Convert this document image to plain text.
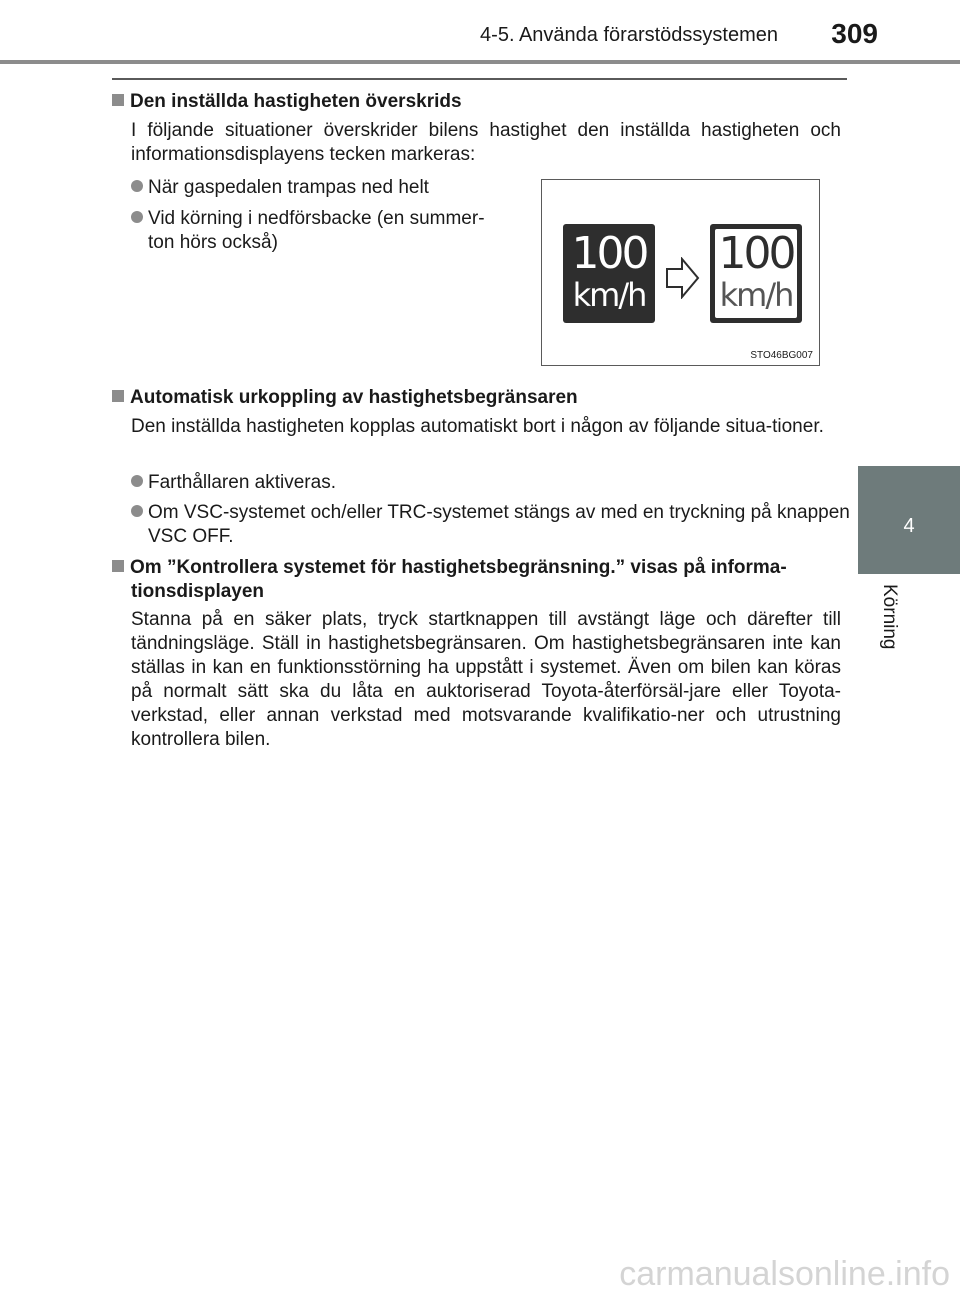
4-5. Använda förarstödssystemen 309
4
Körning
Den inställda hastigheten överskrids
I följande situationer överskrider bilens hastighet den inställda hastigheten och informationsdisplayens tecken markeras:
När gaspedalen trampas ned helt
Vid körning i nedförsbacke (en summer-
ton hörs också)	100
km/h
100
km/h
STO46BG007
Automatisk urkoppling av hastighetsbegränsaren
Den inställda hastigheten kopplas automatiskt bort i någon av följande situa-tioner.
Farthållaren aktiveras.
Om VSC-systemet och/eller TRC-systemet stängs av med en tryckning på knappen VSC OFF.
Om ”Kontrollera systemet för hastighetsbegränsning.” visas på informa-
tionsdisplayen
Stanna på en säker plats, tryck startknappen till avstängt läge och därefter till tändningsläge. Ställ in hastighetsbegränsaren. Om hastighetsbegränsaren inte kan ställas in kan en funktionsstörning ha uppstått i systemet. Även om bilen kan köras på normalt sätt ska du låta en auktoriserad Toyota-återförsäl-jare eller Toyota-verkstad, eller annan verkstad med motsvarande kvalifikatio-ner och utrustning kontrollera bilen.
carmanualsonline.info
